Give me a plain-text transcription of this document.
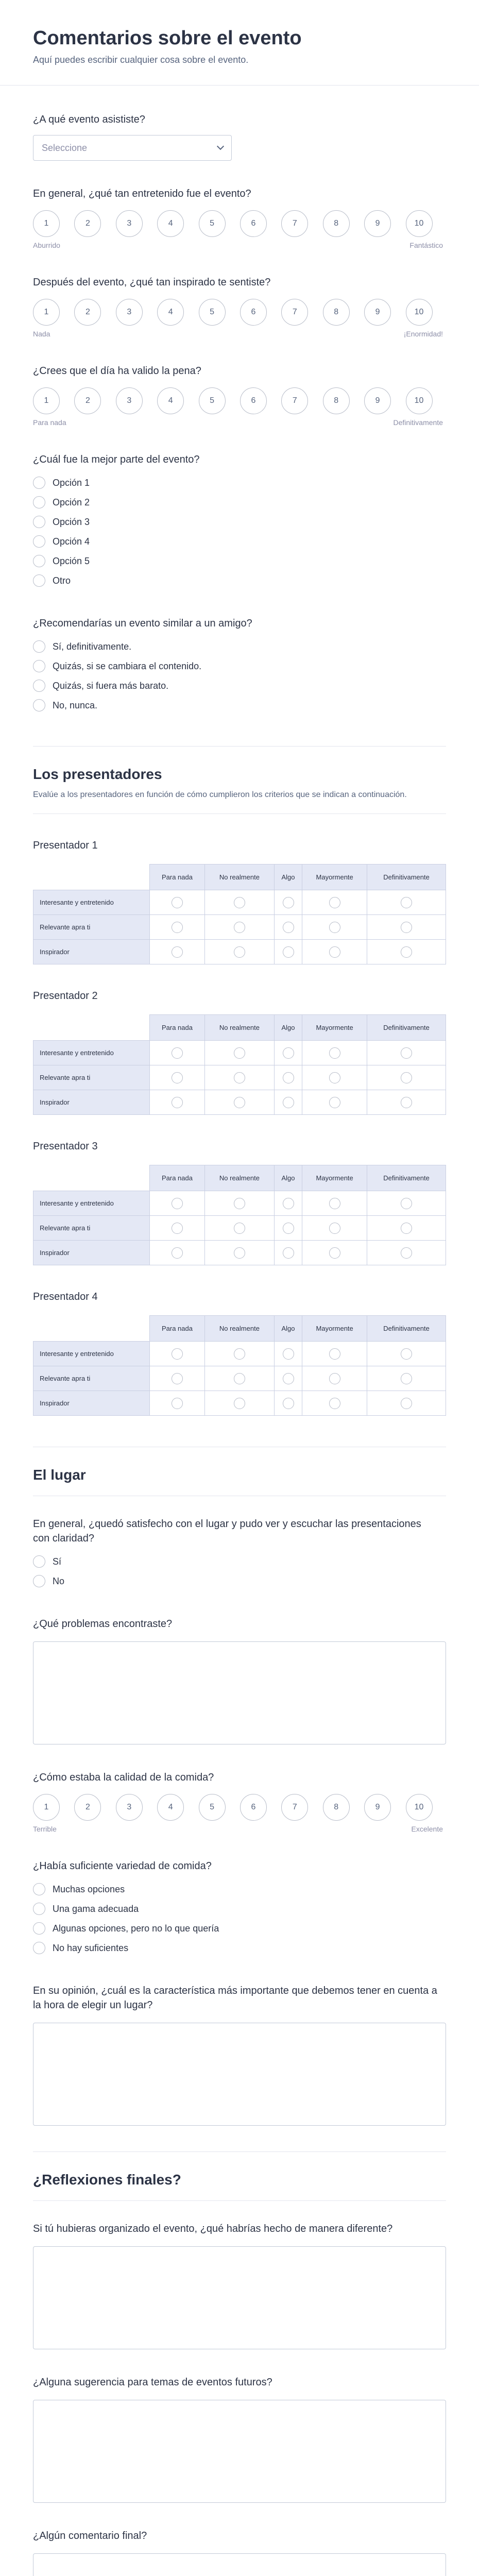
Comentarios sobre el evento

Aquí puedes escribir cualquier cosa sobre el evento.

¿A qué evento asististe?
Seleccione
En general, ¿qué tan entretenido fue el evento?
1	2	3	4	5	6	7	8	9	10
Aburrido	Fantástico
Después del evento, ¿qué tan inspirado te sentiste?
1	2	3	4	5	6	7	8	9	10
Nada	¡Enormidad!
¿Crees que el día ha valido la pena?
1	2	3	4	5	6	7	8	9	10
Para nada	Definitivamente
¿Cuál fue la mejor parte del evento?
Opción 1
Opción 2
Opción 3
Opción 4
Opción 5
Otro
¿Recomendarías un evento similar a un amigo?
Sí, definitivamente.
Quizás, si se cambiara el contenido.
Quizás, si fuera más barato.
No, nunca.
Los presentadores

Evalúe a los presentadores en función de cómo cumplieron los criterios que se indican a continuación.

Presentador 1
	Para nada	No realmente	Algo	Mayormente	Definitivamente
Interesante y entretenido					
Relevante apra ti					
Inspirador					
Presentador 2
	Para nada	No realmente	Algo	Mayormente	Definitivamente
Interesante y entretenido					
Relevante apra ti					
Inspirador					
Presentador 3
	Para nada	No realmente	Algo	Mayormente	Definitivamente
Interesante y entretenido					
Relevante apra ti					
Inspirador					
Presentador 4
	Para nada	No realmente	Algo	Mayormente	Definitivamente
Interesante y entretenido					
Relevante apra ti					
Inspirador					
El lugar
En general, ¿quedó satisfecho con el lugar y pudo ver y escuchar las presentaciones con claridad?
Sí
No
¿Qué problemas encontraste?
¿Cómo estaba la calidad de la comida?
1	2	3	4	5	6	7	8	9	10
Terrible	Excelente
¿Había suficiente variedad de comida?
Muchas opciones
Una gama adecuada
Algunas opciones, pero no lo que quería
No hay suficientes
En su opinión, ¿cuál es la característica más importante que debemos tener en cuenta a la hora de elegir un lugar?
¿Reflexiones finales?
Si tú hubieras organizado el evento, ¿qué habrías hecho de manera diferente?
¿Alguna sugerencia para temas de eventos futuros?
¿Algún comentario final?
